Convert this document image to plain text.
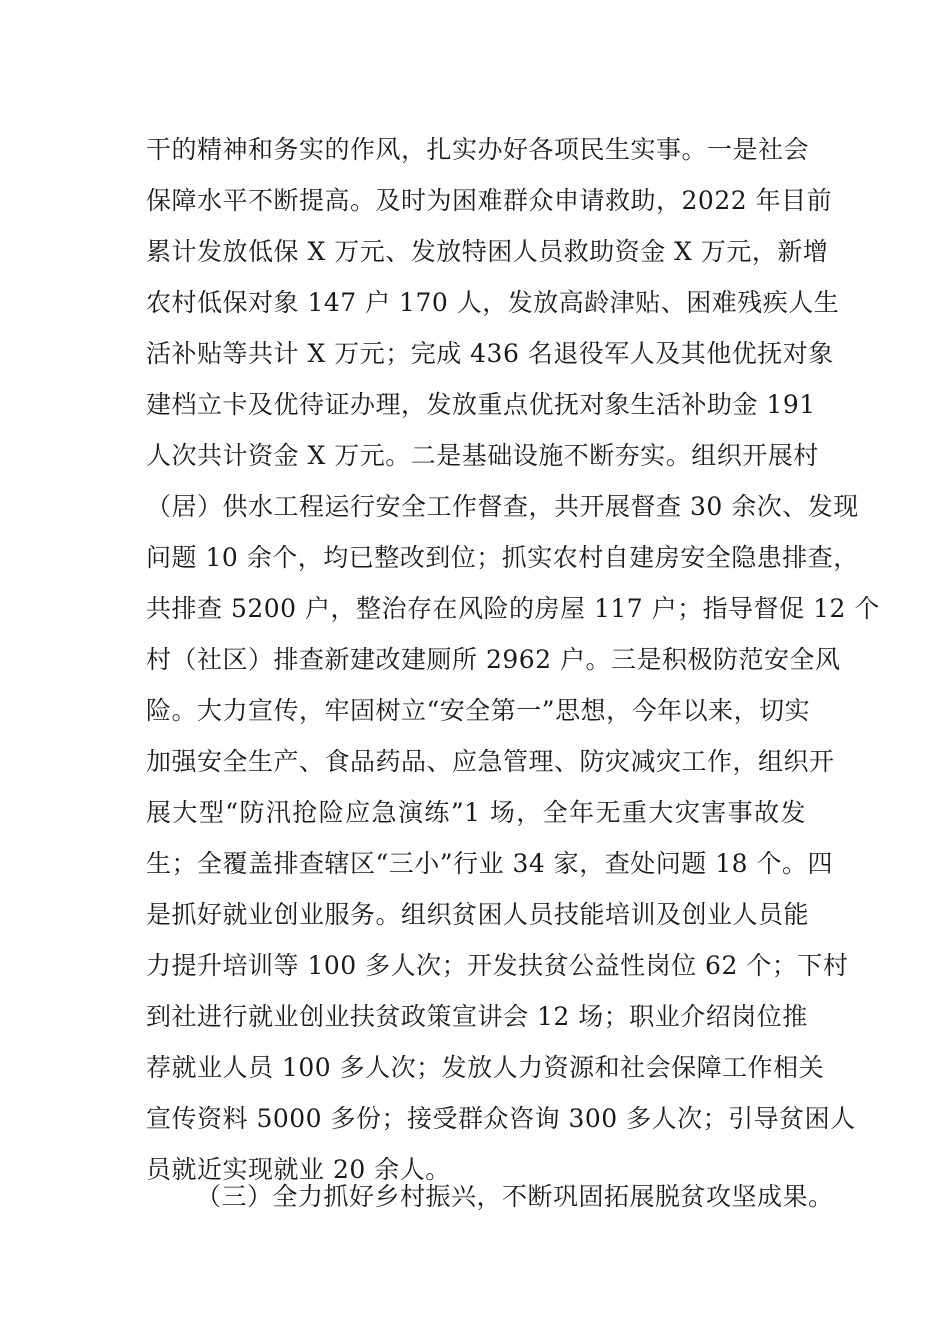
干的精神和务实的作风，扎实办好各项民生实事。一是社会
保障水平不断提高。及时为困难群众申请救助，2022 年目前
累计发放低保 X 万元、发放特困人员救助资金 X 万元，新增
农村低保对象 147 户 170 人，发放高龄津贴、困难残疾人生
活补贴等共计 X 万元；完成 436 名退役军人及其他优抚对象
建档立卡及优待证办理，发放重点优抚对象生活补助金 191
人次共计资金 X 万元。二是基础设施不断夯实。组织开展村
（居）供水工程运行安全工作督查，共开展督查 30 余次、发现
问题 10 余个，均已整改到位；抓实农村自建房安全隐患排查，
共排查 5200 户，整治存在风险的房屋 117 户；指导督促 12 个
村（社区）排查新建改建厕所 2962 户。三是积极防范安全风
险。大力宣传，牢固树立“安全第一”思想，今年以来，切实
加强安全生产、食品药品、应急管理、防灾减灾工作，组织开
展大型“防汛抢险应急演练”1 场，全年无重大灾害事故发
生；全覆盖排查辖区“三小”行业 34 家，查处问题 18 个。四
是抓好就业创业服务。组织贫困人员技能培训及创业人员能
力提升培训等 100 多人次；开发扶贫公益性岗位 62 个；下村
到社进行就业创业扶贫政策宣讲会 12 场；职业介绍岗位推
荐就业人员 100 多人次；发放人力资源和社会保障工作相关
宣传资料 5000 多份；接受群众咨询 300 多人次；引导贫困人
员就近实现就业 20 余人。
（三）全力抓好乡村振兴，不断巩固拓展脱贫攻坚成果。
